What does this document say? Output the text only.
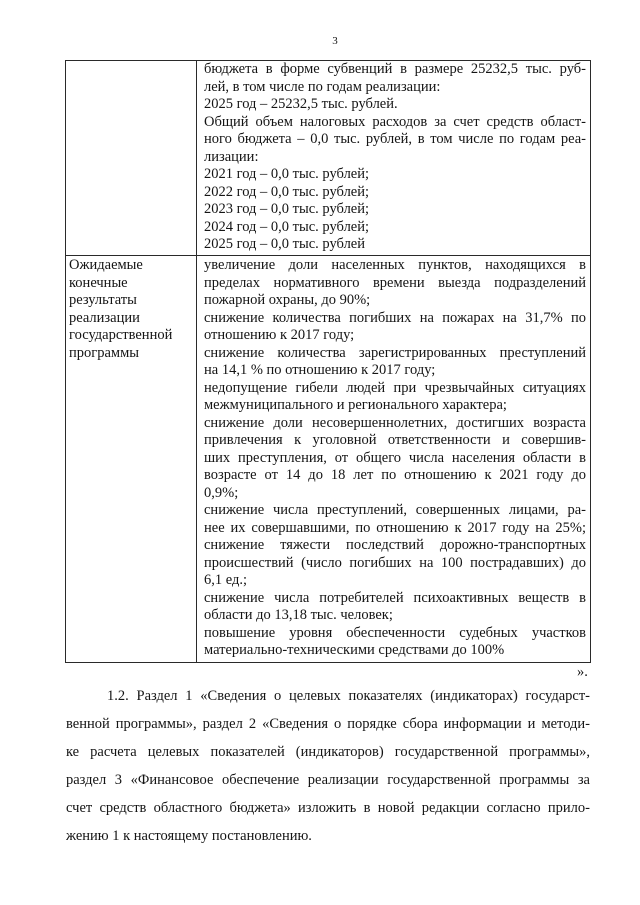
3
бюджета в форме субвенций в размере 25232,5 тыс. руб-
лей, в том числе по годам реализации:
2025 год – 25232,5 тыс. рублей.
Общий объем налоговых расходов за счет средств област-
ного бюджета – 0,0 тыс. рублей, в том числе по годам реа-
лизации:
2021 год – 0,0 тыс. рублей;
2022 год – 0,0 тыс. рублей;
2023 год – 0,0 тыс. рублей;
2024 год – 0,0 тыс. рублей;
2025 год – 0,0 тыс. рублей
Ожидаемые
конечные
результаты
реализации
государственной
программы
увеличение доли населенных пунктов, находящихся в
пределах нормативного времени выезда подразделений
пожарной охраны, до 90%;
снижение количества погибших на пожарах на 31,7% по
отношению к 2017 году;
снижение количества зарегистрированных преступлений
на 14,1 % по отношению к 2017 году;
недопущение гибели людей при чрезвычайных ситуациях
межмуниципального и регионального характера;
снижение доли несовершеннолетних, достигших возраста
привлечения к уголовной ответственности и совершив-
ших преступления, от общего числа населения области в
возрасте от 14 до 18 лет по отношению к 2021 году до
0,9%;
снижение числа преступлений, совершенных лицами, ра-
нее их совершавшими, по отношению к 2017 году на 25%;
снижение тяжести последствий дорожно-транспортных
происшествий (число погибших на 100 пострадавших) до
6,1 ед.;
снижение числа потребителей психоактивных веществ в
области до 13,18 тыс. человек;
повышение уровня обеспеченности судебных участков
материально-техническими средствами до 100%
».
1.2. Раздел 1 «Сведения о целевых показателях (индикаторах) государст-
венной программы», раздел 2 «Сведения о порядке сбора информации и методи-
ке расчета целевых показателей (индикаторов) государственной программы»,
раздел 3 «Финансовое обеспечение реализации государственной программы за
счет средств областного бюджета» изложить в новой редакции согласно прило-
жению 1 к настоящему постановлению.
